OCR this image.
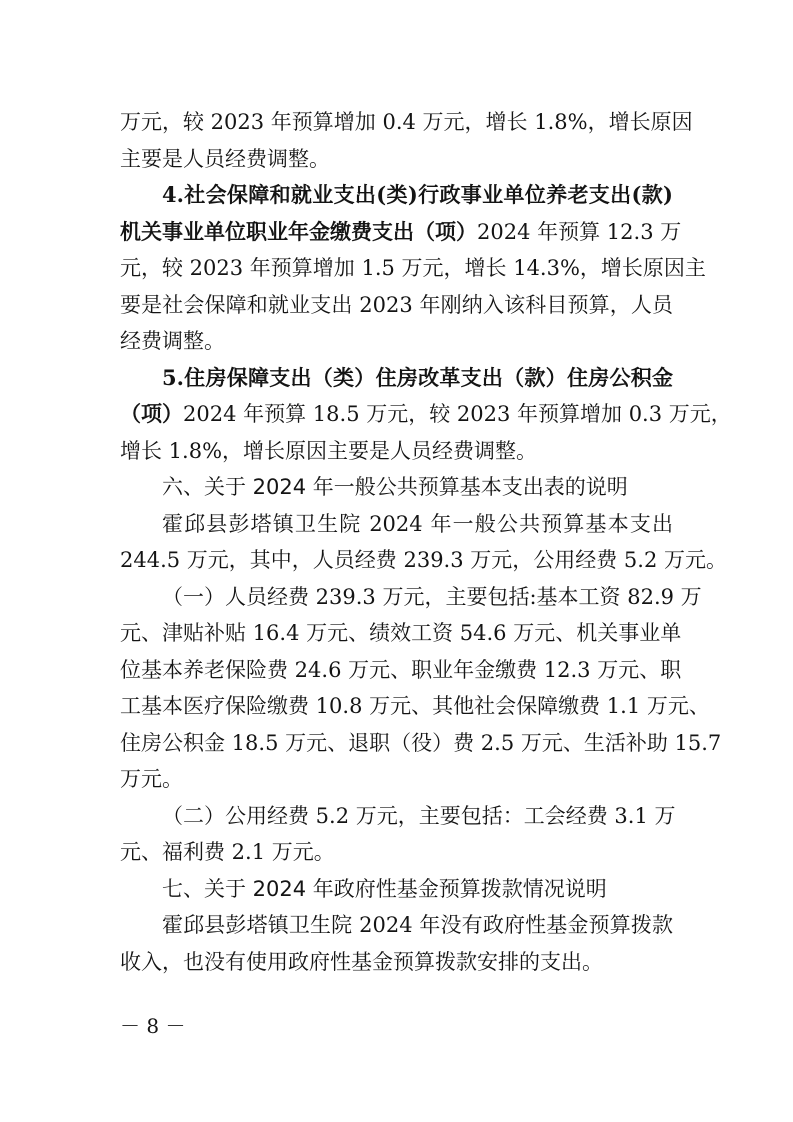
万元，较 2023 年预算增加 0.4 万元，增长 1.8%，增长原因

主要是人员经费调整。

4.社会保障和就业支出(类)行政事业单位养老支出(款)

机关事业单位职业年金缴费支出（项）2024 年预算 12.3 万

元，较 2023 年预算增加 1.5 万元，增长 14.3%，增长原因主

要是社会保障和就业支出 2023 年刚纳入该科目预算，人员

经费调整。

5.住房保障支出（类）住房改革支出（款）住房公积金

（项）2024 年预算 18.5 万元，较 2023 年预算增加 0.3 万元，

增长 1.8%，增长原因主要是人员经费调整。

六、关于 2024 年一般公共预算基本支出表的说明

霍邱县彭塔镇卫生院 2024 年一般公共预算基本支出

244.5 万元，其中，人员经费 239.3 万元，公用经费 5.2 万元。

（一）人员经费 239.3 万元，主要包括:基本工资 82.9 万

元、津贴补贴 16.4 万元、绩效工资 54.6 万元、机关事业单

位基本养老保险费 24.6 万元、职业年金缴费 12.3 万元、职

工基本医疗保险缴费 10.8 万元、其他社会保障缴费 1.1 万元、

住房公积金 18.5 万元、退职（役）费 2.5 万元、生活补助 15.7

万元。

（二）公用经费 5.2 万元，主要包括：工会经费 3.1 万

元、福利费 2.1 万元。

七、关于 2024 年政府性基金预算拨款情况说明

霍邱县彭塔镇卫生院 2024 年没有政府性基金预算拨款

收入，也没有使用政府性基金预算拨款安排的支出。

－ 8 －
